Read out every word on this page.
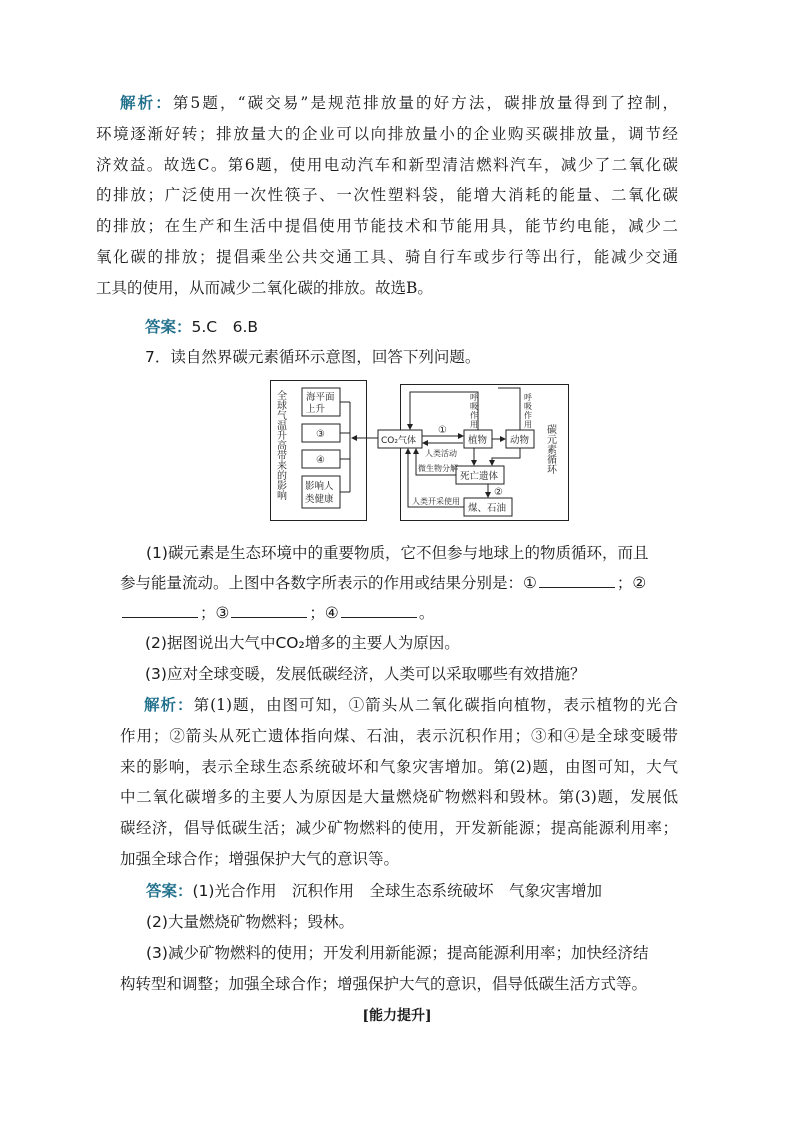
解析：第5题，“碳交易”是规范排放量的好方法，碳排放量得到了控制，
环境逐渐好转；排放量大的企业可以向排放量小的企业购买碳排放量，调节经
济效益。故选C。第6题，使用电动汽车和新型清洁燃料汽车，减少了二氧化碳
的排放；广泛使用一次性筷子、一次性塑料袋，能增大消耗的能量、二氧化碳
的排放；在生产和生活中提倡使用节能技术和节能用具，能节约电能，减少二
氧化碳的排放；提倡乘坐公共交通工具、骑自行车或步行等出行，能减少交通
工具的使用，从而减少二氧化碳的排放。故选B。
答案：5.C　6.B
7．读自然界碳元素循环示意图，回答下列问题。
全球气温升高带来的影响 海平面
上升
③
④
影响人
类健康
碳元素循环
CO₂气体	植物 动物
死亡遗体
煤、石油
①
人类活动
呼
吸
作
用
呼
吸
作
用
微生物分解
②
人类开采使用
(1)碳元素是生态环境中的重要物质，它不但参与地球上的物质循环，而且
参与能量流动。上图中各数字所表示的作用或结果分别是：①	；②
；③	；④	。
(2)据图说出大气中CO₂增多的主要人为原因。
(3)应对全球变暖，发展低碳经济，人类可以采取哪些有效措施？
解析：第(1)题，由图可知，①箭头从二氧化碳指向植物，表示植物的光合
作用；②箭头从死亡遗体指向煤、石油，表示沉积作用；③和④是全球变暖带
来的影响，表示全球生态系统破坏和气象灾害增加。第(2)题，由图可知，大气
中二氧化碳增多的主要人为原因是大量燃烧矿物燃料和毁林。第(3)题，发展低
碳经济，倡导低碳生活；减少矿物燃料的使用，开发新能源；提高能源利用率；
加强全球合作；增强保护大气的意识等。
答案：(1)光合作用　沉积作用　全球生态系统破坏　气象灾害增加
(2)大量燃烧矿物燃料；毁林。
(3)减少矿物燃料的使用；开发利用新能源；提高能源利用率；加快经济结
构转型和调整；加强全球合作；增强保护大气的意识，倡导低碳生活方式等。
[能力提升]
